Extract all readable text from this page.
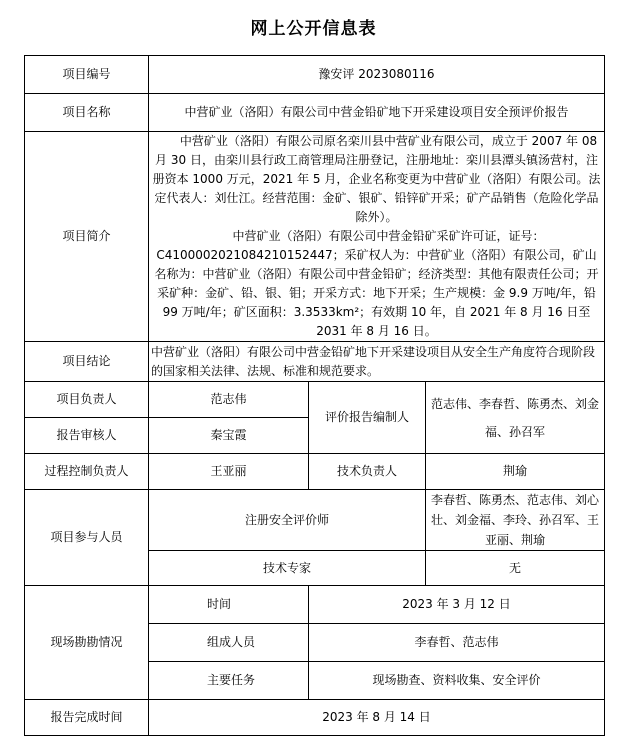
网上公开信息表
项目编号	豫安评 2023080116		
项目名称	中营矿业（洛阳）有限公司中营金铅矿地下开采建设项目安全预评价报告		
项目简介	中营矿业（洛阳）有限公司原名栾川县中营矿业有限公司，成立于 2007 年 08 月 30 日，由栾川县行政工商管理局注册登记，注册地址：栾川县潭头镇汤营村，注册资本 1000 万元，2021 年 5 月，企业名称变更为中营矿业（洛阳）有限公司。法定代表人：刘仕江。经营范围：金矿、银矿、铅锌矿开采；矿产品销售（危险化学品除外）。

中营矿业（洛阳）有限公司中营金铅矿采矿许可证，证号：C4100002021084210152447；采矿权人为：中营矿业（洛阳）有限公司，矿山名称为：中营矿业（洛阳）有限公司中营金铅矿；经济类型：其他有限责任公司；开采矿种：金矿、铅、银、钼；开采方式：地下开采；生产规模：金 9.9 万吨/年，铅 99 万吨/年；矿区面积：3.3533km²；有效期 10 年，自 2021 年 8 月 16 日至 2031 年 8 月 16 日。		

项目结论	中营矿业（洛阳）有限公司中营金铅矿地下开采建设项目从安全生产角度符合现阶段的国家相关法律、法规、标准和规范要求。		
项目负责人	范志伟	评价报告编制人	范志伟、李春哲、陈勇杰、刘金福、孙召军
报告审核人	秦宝霞		
过程控制负责人	王亚丽	技术负责人	荆瑜
项目参与人员	注册安全评价师		李春哲、陈勇杰、范志伟、刘心壮、刘金福、李玲、孙召军、王亚丽、荆瑜
	技术专家		无
现场勘勘情况	时间	2023 年 3 月 12 日	
	组成人员	李春哲、范志伟	
	主要任务	现场勘查、资料收集、安全评价	
报告完成时间	2023 年 8 月 14 日		
